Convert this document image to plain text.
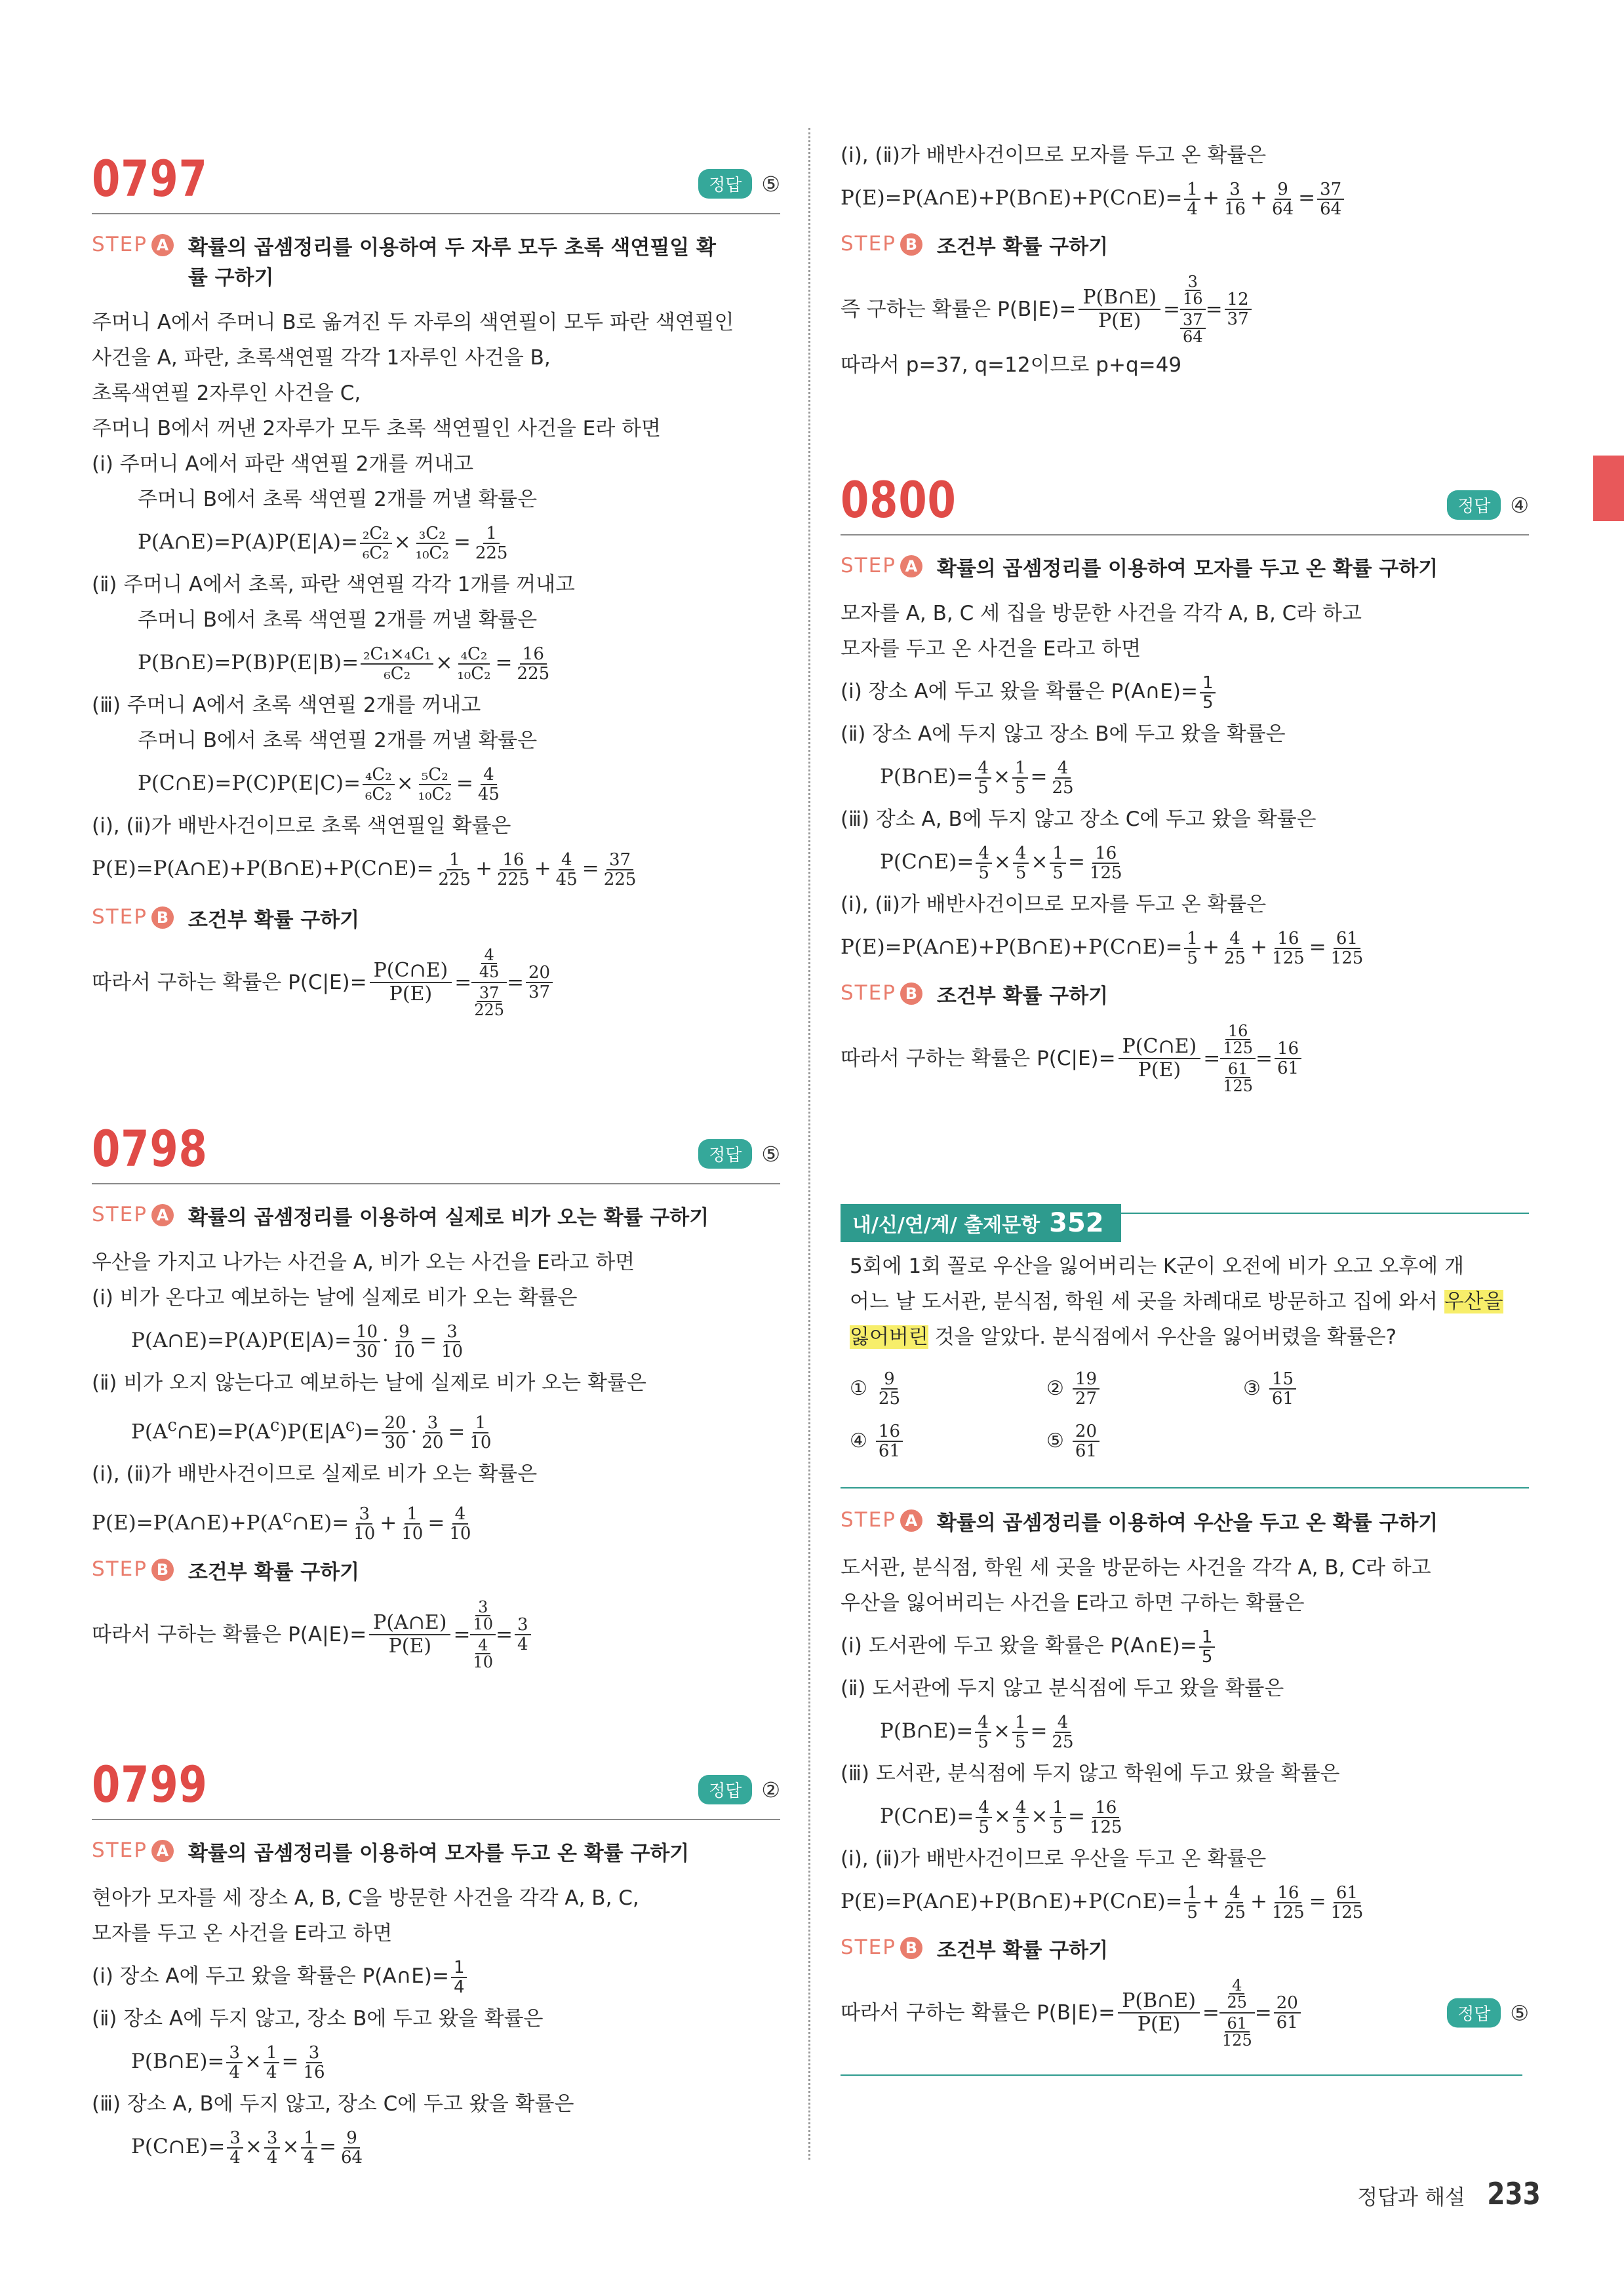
0797	정답 ⑤
STEP A 확률의 곱셈정리를 이용하여 두 자루 모두 초록 색연필일 확률 구하기
주머니 A에서 주머니 B로 옮겨진 두 자루의 색연필이 모두 파란 색연필인
사건을 A, 파란, 초록색연필 각각 1자루인 사건을 B,
초록색연필 2자루인 사건을 C,
주머니 B에서 꺼낸 2자루가 모두 초록 색연필인 사건을 E라 하면
(ⅰ) 주머니 A에서 파란 색연필 2개를 꺼내고
주머니 B에서 초록 색연필 2개를 꺼낼 확률은
P(A∩E)=P(A)P(E|A)= $\frac{\text{₂C₂}}{\text{₆C₂}} \times \frac{\text{₃C₂}}{\text{₁₀C₂}} = \frac{1}{225}$
(ⅱ) 주머니 A에서 초록, 파란 색연필 각각 1개를 꺼내고
주머니 B에서 초록 색연필 2개를 꺼낼 확률은
P(B∩E)=P(B)P(E|B)= $\frac{\text{₂C₁×₄C₁}}{\text{₆C₂}} \times \frac{\text{₄C₂}}{\text{₁₀C₂}} = \frac{16}{225}$
(ⅲ) 주머니 A에서 초록 색연필 2개를 꺼내고
주머니 B에서 초록 색연필 2개를 꺼낼 확률은
P(C∩E)=P(C)P(E|C)= $\frac{\text{₄C₂}}{\text{₆C₂}} \times \frac{\text{₅C₂}}{\text{₁₀C₂}} = \frac{4}{45}$
(ⅰ), (ⅱ)가 배반사건이므로 초록 색연필일 확률은
P(E)=P(A∩E)+P(B∩E)+P(C∩E)= $\frac{1}{225} + \frac{16}{225} + \frac{4}{45} = \frac{37}{225}$
STEP B 조건부 확률 구하기
따라서 구하는 확률은 $P(C|E)= \frac{P(C\cap E)}{P(E)}$ =
4
45
37
225
= $\frac{20}{37}$
0798	정답 ⑤
STEP A 확률의 곱셈정리를 이용하여 실제로 비가 오는 확률 구하기
우산을 가지고 나가는 사건을 A, 비가 오는 사건을 E라고 하면
(ⅰ) 비가 온다고 예보하는 날에 실제로 비가 오는 확률은
P(A∩E)=P(A)P(E|A)= $\frac{10}{30} \cdot \frac{9}{10} = \frac{3}{10}$
(ⅱ) 비가 오지 않는다고 예보하는 날에 실제로 비가 오는 확률은
$P(A^c\cap E)=P(A^c)P(E|A^c)= \frac{20}{30} \cdot \frac{3}{20} = \frac{1}{10}$
(ⅰ), (ⅱ)가 배반사건이므로 실제로 비가 오는 확률은
$P(E)=P(A\cap E)+P(A^c\cap E)= \frac{3}{10} + \frac{1}{10} = \frac{4}{10}$
STEP B 조건부 확률 구하기
따라서 구하는 확률은 $P(A|E)= \frac{P(A\cap E)}{P(E)}$ =
3
10
4
10
= $\frac{3}{4}$
0799	정답 ②
STEP A 확률의 곱셈정리를 이용하여 모자를 두고 온 확률 구하기
현아가 모자를 세 장소 A, B, C을 방문한 사건을 각각 A, B, C,
모자를 두고 온 사건을 E라고 하면
(ⅰ) 장소 A에 두고 왔을 확률은 P(A∩E)= $\frac{1}{4}$
(ⅱ) 장소 A에 두지 않고, 장소 B에 두고 왔을 확률은
P(B∩E)= $\frac{3}{4} \times \frac{1}{4} = \frac{3}{16}$
(ⅲ) 장소 A, B에 두지 않고, 장소 C에 두고 왔을 확률은
P(C∩E)= $\frac{3}{4} \times \frac{3}{4} \times \frac{1}{4} = \frac{9}{64}$
(ⅰ), (ⅱ)가 배반사건이므로 모자를 두고 온 확률은
P(E)=P(A∩E)+P(B∩E)+P(C∩E)= $\frac{1}{4} + \frac{3}{16} + \frac{9}{64} = \frac{37}{64}$
STEP B 조건부 확률 구하기
즉 구하는 확률은 $P(B|E)= \frac{P(B\cap E)}{P(E)}$ =
3
16
37
64
= $\frac{12}{37}$
따라서 p=37, q=12이므로 p+q=49
0800	정답 ④
STEP A 확률의 곱셈정리를 이용하여 모자를 두고 온 확률 구하기
모자를 A, B, C 세 집을 방문한 사건을 각각 A, B, C라 하고
모자를 두고 온 사건을 E라고 하면
(ⅰ) 장소 A에 두고 왔을 확률은 P(A∩E)= $\frac{1}{5}$
(ⅱ) 장소 A에 두지 않고 장소 B에 두고 왔을 확률은
P(B∩E)= $\frac{4}{5} \times \frac{1}{5} = \frac{4}{25}$
(ⅲ) 장소 A, B에 두지 않고 장소 C에 두고 왔을 확률은
P(C∩E)= $\frac{4}{5} \times \frac{4}{5} \times \frac{1}{5} = \frac{16}{125}$
(ⅰ), (ⅱ)가 배반사건이므로 모자를 두고 온 확률은
P(E)=P(A∩E)+P(B∩E)+P(C∩E)= $\frac{1}{5} + \frac{4}{25} + \frac{16}{125} = \frac{61}{125}$
STEP B 조건부 확률 구하기
따라서 구하는 확률은 $P(C|E)= \frac{P(C\cap E)}{P(E)}$ =
16
125
61
125
= $\frac{16}{61}$
내/신/연/계/ 출제문항 352
5회에 1회 꼴로 우산을 잃어버리는 K군이 오전에 비가 오고 오후에 개
어느 날 도서관, 분식점, 학원 세 곳을 차례대로 방문하고 집에 와서 우산을
잃어버린 것을 알았다. 분식점에서 우산을 잃어버렸을 확률은?
① $\frac{9}{25}$	② $\frac{19}{27}$	③ $\frac{15}{61}$
④ $\frac{16}{61}$	⑤ $\frac{20}{61}$
STEP A 확률의 곱셈정리를 이용하여 우산을 두고 온 확률 구하기
도서관, 분식점, 학원 세 곳을 방문하는 사건을 각각 A, B, C라 하고
우산을 잃어버리는 사건을 E라고 하면 구하는 확률은
(ⅰ) 도서관에 두고 왔을 확률은 P(A∩E)= $\frac{1}{5}$
(ⅱ) 도서관에 두지 않고 분식점에 두고 왔을 확률은
P(B∩E)= $\frac{4}{5} \times \frac{1}{5} = \frac{4}{25}$
(ⅲ) 도서관, 분식점에 두지 않고 학원에 두고 왔을 확률은
P(C∩E)= $\frac{4}{5} \times \frac{4}{5} \times \frac{1}{5} = \frac{16}{125}$
(ⅰ), (ⅱ)가 배반사건이므로 우산을 두고 온 확률은
P(E)=P(A∩E)+P(B∩E)+P(C∩E)= $\frac{1}{5} + \frac{4}{25} + \frac{16}{125} = \frac{61}{125}$
STEP B 조건부 확률 구하기
따라서 구하는 확률은 $P(B|E)= \frac{P(B\cap E)}{P(E)}$ =
4
25
61
125
= $\frac{20}{61}$	정답 ⑤
정답과 해설 233
